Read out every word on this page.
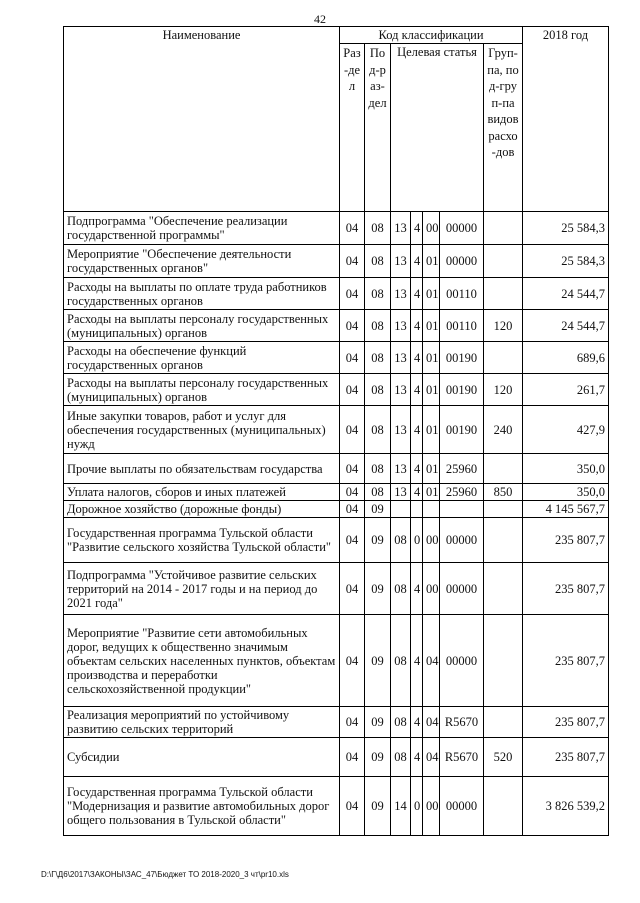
42
Наименование	Код классификации							2018 год
	Раз-дел	Под-раз-дел	Целевая статья				Груп-па, под-груп-па видов расхо-дов	
Подпрограмма "Обеспечение реализации государственной программы"	04	08	13	4	00	00000		25 584,3
Мероприятие "Обеспечение деятельности государственных органов"	04	08	13	4	01	00000		25 584,3
Расходы на выплаты по оплате труда работников государственных органов	04	08	13	4	01	00110		24 544,7
Расходы на выплаты персоналу государственных (муниципальных) органов	04	08	13	4	01	00110	120	24 544,7
Расходы на обеспечение функций государственных органов	04	08	13	4	01	00190		689,6
Расходы на выплаты персоналу государственных (муниципальных) органов	04	08	13	4	01	00190	120	261,7
Иные закупки товаров, работ и услуг для обеспечения государственных (муниципальных) нужд	04	08	13	4	01	00190	240	427,9
Прочие выплаты по обязательствам государства	04	08	13	4	01	25960		350,0
Уплата налогов, сборов и иных платежей	04	08	13	4	01	25960	850	350,0
Дорожное хозяйство (дорожные фонды)	04	09						4 145 567,7
Государственная программа Тульской области "Развитие сельского хозяйства Тульской области"	04	09	08	0	00	00000		235 807,7
Подпрограмма "Устойчивое развитие сельских территорий на 2014 - 2017 годы и на период до 2021 года"	04	09	08	4	00	00000		235 807,7
Мероприятие "Развитие сети автомобильных дорог, ведущих к общественно значимым объектам сельских населенных пунктов, объектам производства и переработки сельскохозяйственной продукции"	04	09	08	4	04	00000		235 807,7
Реализация мероприятий по устойчивому развитию сельских территорий	04	09	08	4	04	R5670		235 807,7
Субсидии	04	09	08	4	04	R5670	520	235 807,7
Государственная программа Тульской области "Модернизация и развитие автомобильных дорог общего пользования в Тульской области"	04	09	14	0	00	00000		3 826 539,2
D:\Г\Д6\2017\ЗАКОНЫ\ЗАС_47\Бюджет ТО 2018-2020_3 чт\pr10.xls
